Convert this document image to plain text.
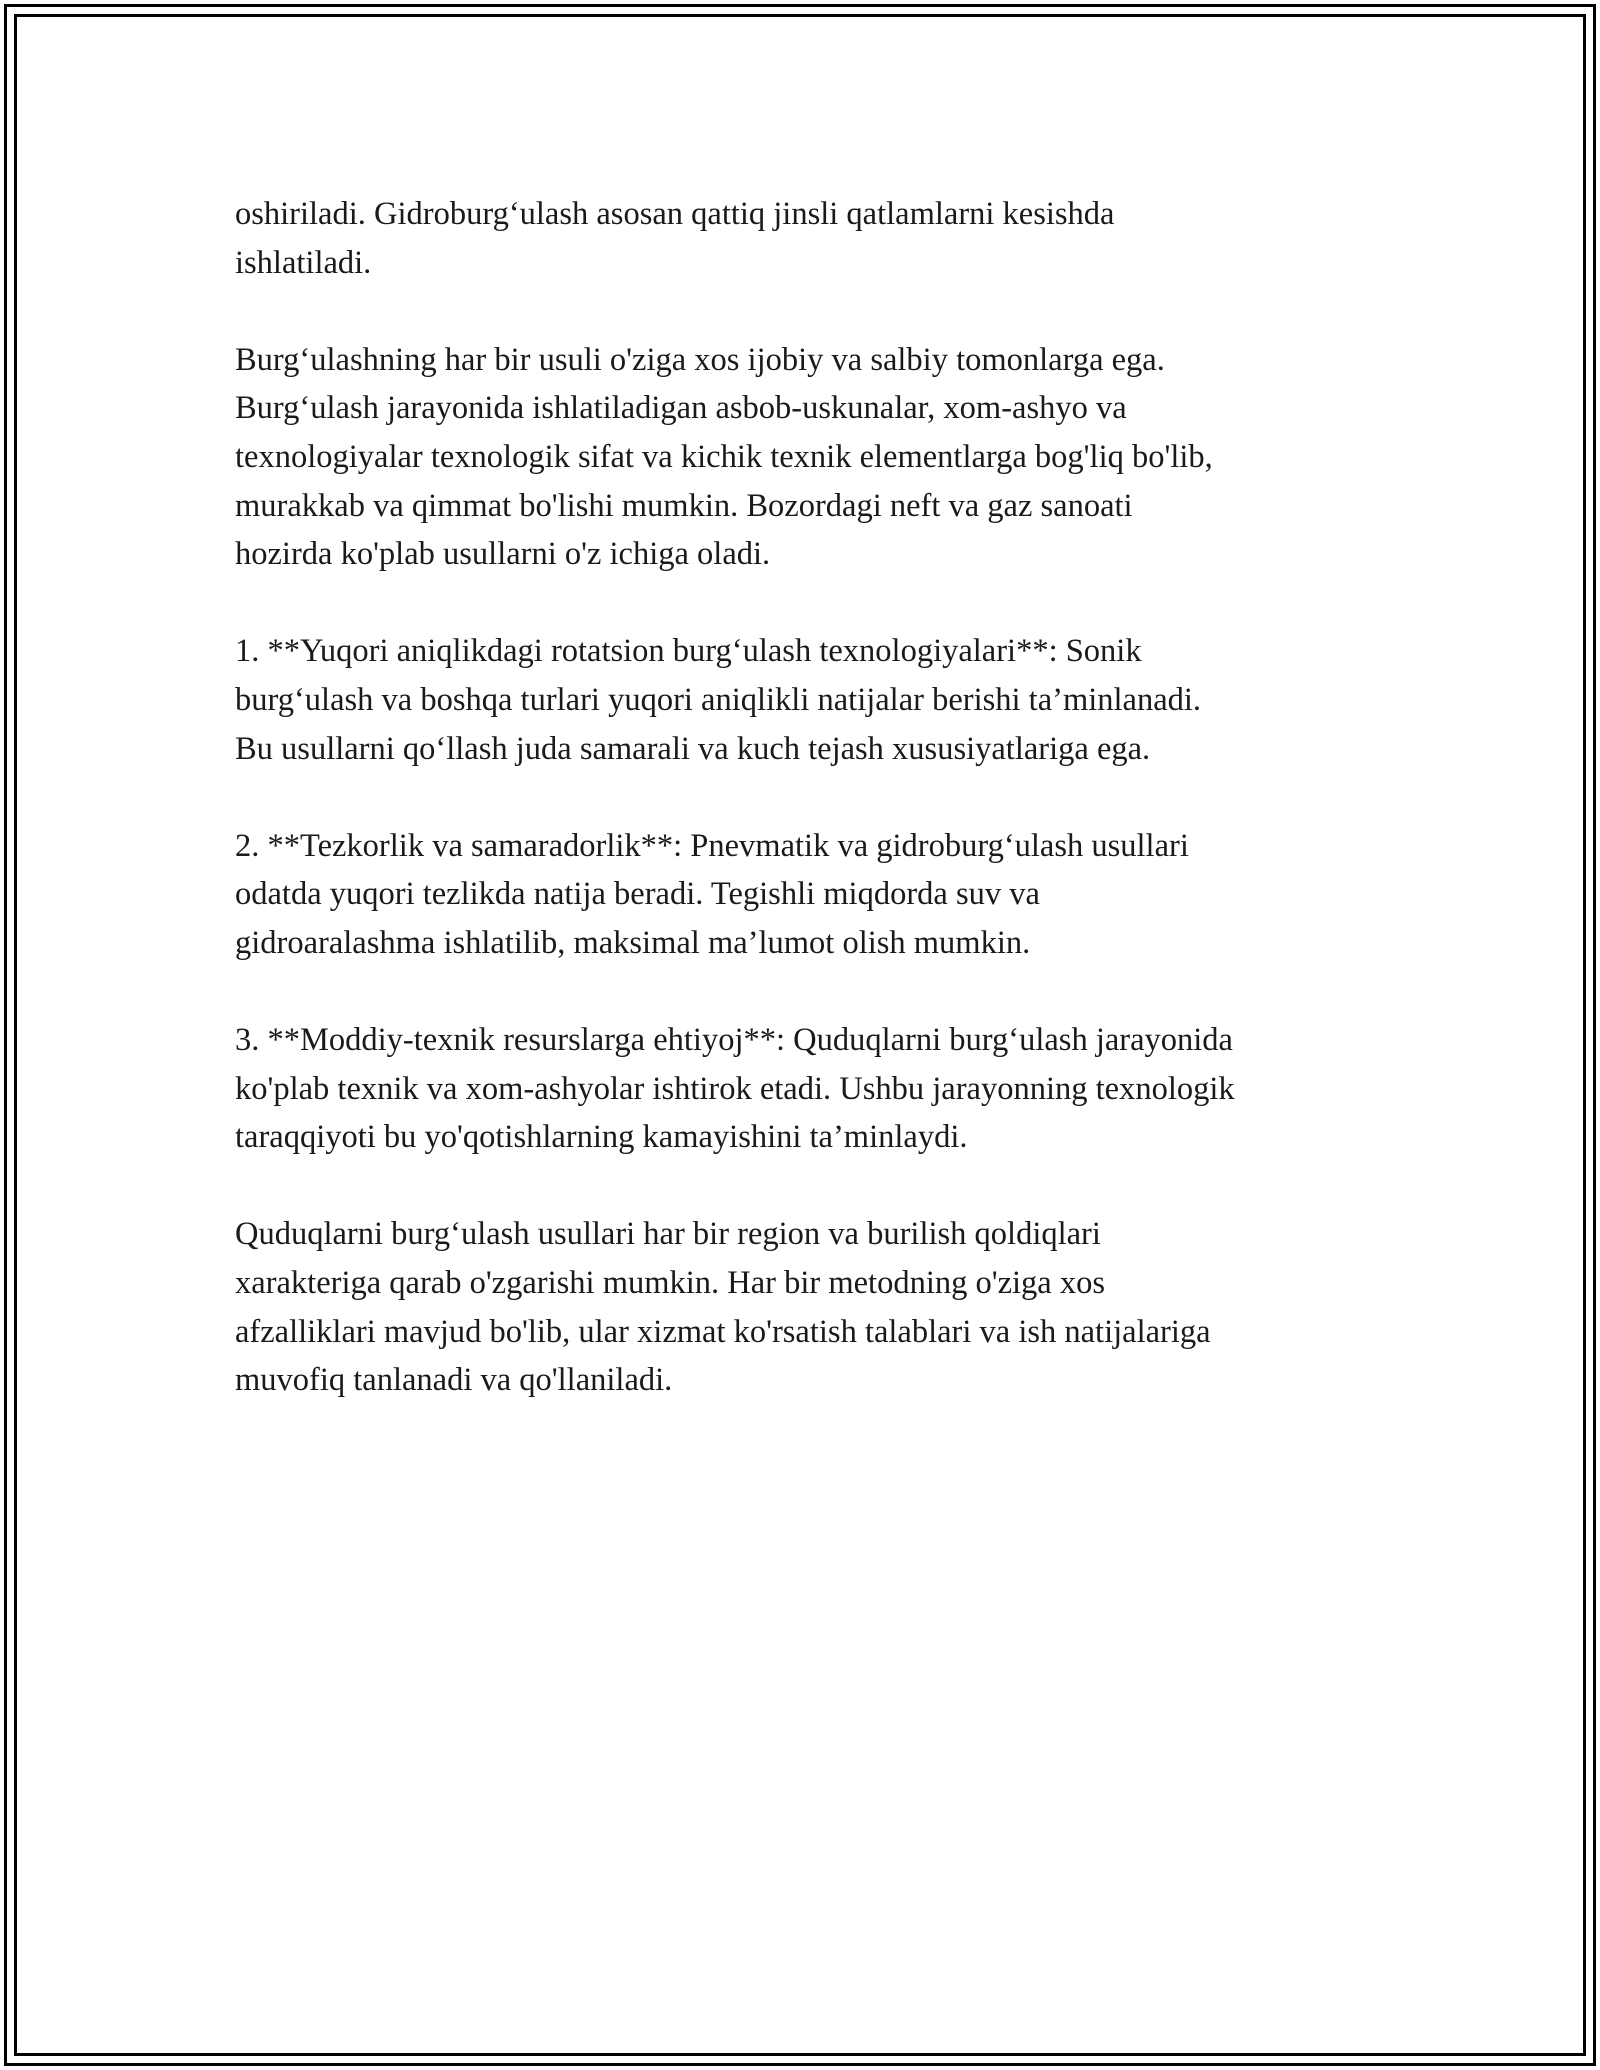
oshiriladi. Gidroburg‘ulash asosan qattiq jinsli qatlamlarni kesishda
ishlatiladi.

Burg‘ulashning har bir usuli o'ziga xos ijobiy va salbiy tomonlarga ega.
Burg‘ulash jarayonida ishlatiladigan asbob-uskunalar, xom-ashyo va
texnologiyalar texnologik sifat va kichik texnik elementlarga bog'liq bo'lib,
murakkab va qimmat bo'lishi mumkin. Bozordagi neft va gaz sanoati
hozirda ko'plab usullarni o'z ichiga oladi.

1. **Yuqori aniqlikdagi rotatsion burg‘ulash texnologiyalari**: Sonik
burg‘ulash va boshqa turlari yuqori aniqlikli natijalar berishi ta’minlanadi.
Bu usullarni qo‘llash juda samarali va kuch tejash xususiyatlariga ega.

2. **Tezkorlik va samaradorlik**: Pnevmatik va gidroburg‘ulash usullari
odatda yuqori tezlikda natija beradi. Tegishli miqdorda suv va
gidroaralashma ishlatilib, maksimal ma’lumot olish mumkin.

3. **Moddiy-texnik resurslarga ehtiyoj**: Quduqlarni burg‘ulash jarayonida
ko'plab texnik va xom-ashyolar ishtirok etadi. Ushbu jarayonning texnologik
taraqqiyoti bu yo'qotishlarning kamayishini ta’minlaydi.

Quduqlarni burg‘ulash usullari har bir region va burilish qoldiqlari
xarakteriga qarab o'zgarishi mumkin. Har bir metodning o'ziga xos
afzalliklari mavjud bo'lib, ular xizmat ko'rsatish talablari va ish natijalariga
muvofiq tanlanadi va qo'llaniladi.
